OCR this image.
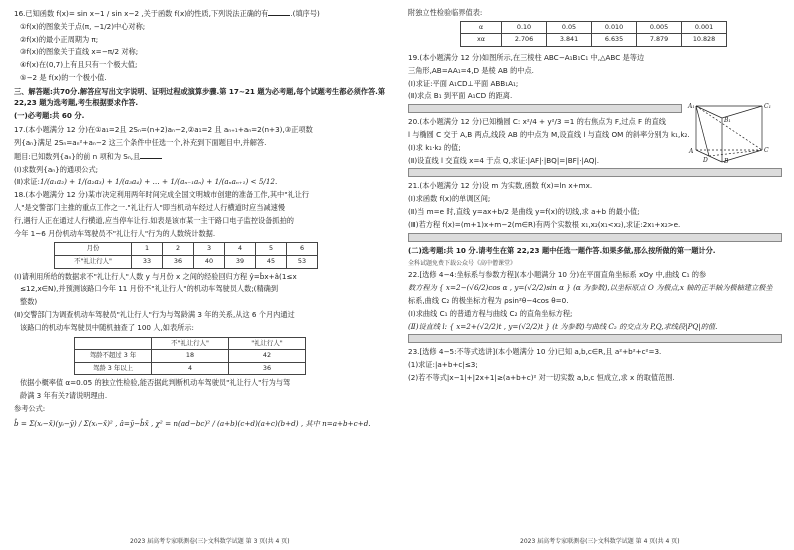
16.已知函数 f(x)= sin x−1 / sin x−2 ,关于函数 f(x)的性质,下列说法正确的有	.(填序号)

①f(x)的图象关于点(π, −1/2)中心对称;

②f(x)的最小正周期为 π;

③f(x)的图象关于直线 x=−π/2 对称;

④f(x)在(0,7)上有且只有一个极大值;

⑤−2 是 f(x)的一个极小值.

三、解答题:共70分.解答应写出文字说明、证明过程或演算步骤.第 17~21 题为必考题,每个试题考生都必须作答.第 22,23 题为选考题,考生根据要求作答.

(一)必考题:共 60 分.

17.(本小题满分 12 分)在①a₁=2且 2Sₙ=(n+2)aₙ−2,②a₁=2 且 aₙ₊₁+aₙ=2(n+3),③正项数

列{aₙ}满足 2Sₙ=aₙ²+aₙ−2 这三个条件中任选一个,补充到下面题目中,并解答.

题目:已知数列{aₙ}的前 n 项和为 Sₙ,且

(Ⅰ)求数列{aₙ}的通项公式;

(Ⅱ)求证:1/(a₁a₂) + 1/(a₂a₃) + 1/(a₃a₄) + … + 1/(aₙ₋₁aₙ) + 1/(aₙaₙ₊₁) < 5/12.

18.(本小题满分 12 分)某市决定利用两年时间完成全国文明城市创建的准备工作,其中"礼让行

人"是交警部门主推的重点工作之一."礼让行人"即当机动车经过人行横道时应当减速慢

行,遇行人正在通过人行横道,应当停车让行.如表是该市某一主干路口电子监控设备抓拍的

今年 1~6 月份机动车驾驶员不"礼让行人"行为的人数统计数据.

月份	1	2	3	4	5	6
不"礼让行人"	33	36	40	39	45	53

(Ⅰ)请利用所给的数据求不"礼让行人"人数 y 与月份 x 之间的经验回归方程 ŷ=b̂x+â(1≤x

≤12,x∈N),并预测该路口今年 11 月份不"礼让行人"的机动车驾驶员人数;(精确到

整数)

(Ⅱ)交警部门为调查机动车驾驶员"礼让行人"行为与驾龄满 3 年的关系,从这 6 个月内通过

该路口的机动车驾驶员中随机抽查了 100 人,如表所示:

	不"礼让行人"	"礼让行人"
驾龄不超过 3 年	18	42
驾龄 3 年以上	4	36

依据小概率值 α=0.05 的独立性检验,能否据此判断机动车驾驶员"礼让行人"行为与驾

龄满 3 年有关?请说明理由.

参考公式:

b̂ = Σ(xᵢ−x̄)(yᵢ−ȳ) / Σ(xᵢ−x̄)² , â=ȳ−b̂x̄ , χ² = n(ad−bc)² / (a+b)(c+d)(a+c)(b+d) , 其中 n=a+b+c+d.

2023 届高考专家联测卷(三)·文科数学试题 第 3 页(共 4 页)

附独立性检验临界值表:

α	0.10	0.05	0.010	0.005	0.001
xα	2.706	3.841	6.635	7.879	10.828

19.(本小题满分 12 分)如图所示,在三棱柱 ABC−A₁B₁C₁ 中,△ABC 是等边

三角形,AB=AA₁=4,D 是棱 AB 的中点.

(Ⅰ)求证:平面 A₁CD⊥平面 ABB₁A₁;

(Ⅱ)求点 B₁ 到平面 A₁CD 的距离.

20.(本小题满分 12 分)已知椭圆 C: x²/4 + y²/3 =1 的右焦点为 F,过点 F 的直线

l 与椭圆 C 交于 A,B 两点,线段 AB 的中点为 M,设直线 l 与直线 OM 的斜率分别为 k₁,k₂.

(Ⅰ)求 k₁·k₂ 的值;

(Ⅱ)设直线 l 交直线 x=4 于点 Q,求证:|AF|·|BQ|=|BF|·|AQ|.

21.(本小题满分 12 分)设 m 为实数,函数 f(x)=ln x+mx.

(Ⅰ)求函数 f(x)的单调区间;

(Ⅱ)当 m=e 时,直线 y=ax+b/2 是曲线 y=f(x)的切线,求 a+b 的最小值;

(Ⅲ)若方程 f(x)=(m+1)x+m−2(m∈R)有两个实数根 x₁,x₂(x₁<x₂),求证:2x₁+x₂>e.

(二)选考题:共 10 分.请考生在第 22,23 题中任选一题作答.如果多做,那么按所做的第一题计分.

全科试题免费下载公众号《高中僧课堂》

22.[选修 4−4:坐标系与参数方程](本小题满分 10 分)在平面直角坐标系 xOy 中,曲线 C₁ 的参

数方程为 { x=2−(√6/2)cos α , y=(√2/2)sin α } (α 为参数),以坐标原点 O 为极点,x 轴的正半轴为极轴建立极坐

标系,曲线 C₂ 的极坐标方程为 ρsin²θ−4cos θ=0.

(Ⅰ)求曲线 C₁ 的普通方程与曲线 C₂ 的直角坐标方程;

(Ⅱ)设直线 l: { x=2+(√2/2)t , y=(√2/2)t } (t 为参数)与曲线 C₂ 的交点为 P,Q,求线段|PQ|的值.

23.[选修 4−5:不等式选讲](本小题满分 10 分)已知 a,b,c∈R,且 a²+b²+c²=3.

(1)求证:|a+b+c|≤3;

(2)若不等式|x−1|+|2x+1|≥(a+b+c)² 对一切实数 a,b,c 恒成立,求 x 的取值范围.

A₁
B₁
C₁
A
B
C
D
2023 届高考专家联测卷(三)·文科数学试题 第 4 页(共 4 页)
